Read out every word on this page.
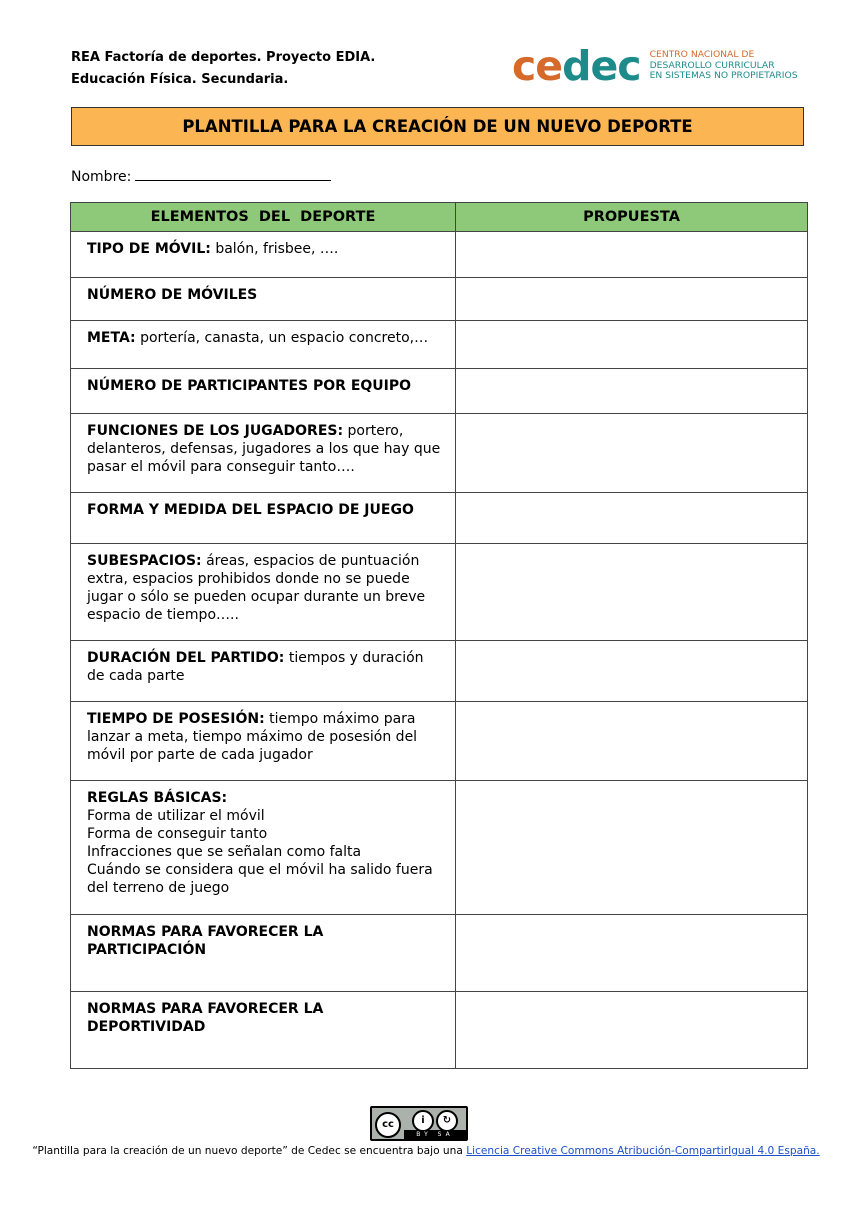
REA Factoría de deportes. Proyecto EDIA.
Educación Física. Secundaria.	cedec CENTRO NACIONAL DE
DESARROLLO CURRICULAR
EN SISTEMAS NO PROPIETARIOS
PLANTILLA PARA LA CREACIÓN DE UN NUEVO DEPORTE
Nombre:
ELEMENTOS  DEL  DEPORTE	PROPUESTA
TIPO DE MÓVIL: balón, frisbee, ….	
NÚMERO DE MÓVILES	
META: portería, canasta, un espacio concreto,…	
NÚMERO DE PARTICIPANTES POR EQUIPO	
FUNCIONES DE LOS JUGADORES: portero, delanteros, defensas, jugadores a los que hay que pasar el móvil para conseguir tanto….	
FORMA Y MEDIDA DEL ESPACIO DE JUEGO	
SUBESPACIOS: áreas, espacios de puntuación extra, espacios prohibidos donde no se puede jugar o sólo se pueden ocupar durante un breve espacio de tiempo…..	
DURACIÓN DEL PARTIDO: tiempos y duración de cada parte	
TIEMPO DE POSESIÓN: tiempo máximo para lanzar a meta, tiempo máximo de posesión del móvil por parte de cada jugador	
REGLAS BÁSICAS:
Forma de utilizar el móvil
Forma de conseguir tanto
Infracciones que se señalan como falta
Cuándo se considera que el móvil ha salido fuera del terreno de juego	

NORMAS PARA FAVORECER LA PARTICIPACIÓN	
NORMAS PARA FAVORECER LA DEPORTIVIDAD	
cc	i	↻
BY SA
“Plantilla para la creación de un nuevo deporte” de Cedec se encuentra bajo una Licencia Creative Commons Atribución-CompartirIgual 4.0 España.
